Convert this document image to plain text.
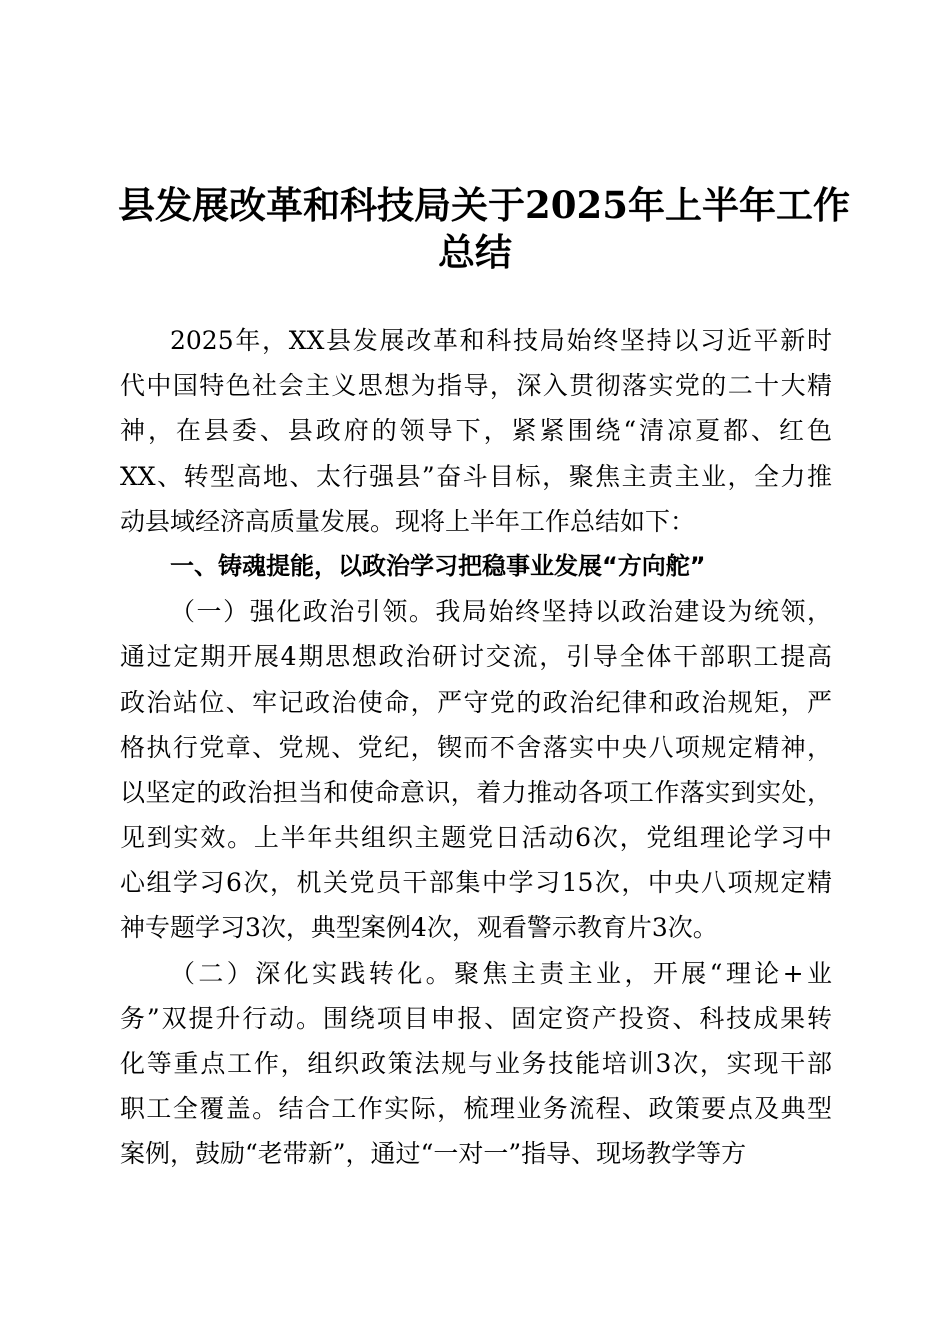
县发展改革和科技局关于2025年上半年工作
总结
2025年，XX县发展改革和科技局始终坚持以习近平新时
代中国特色社会主义思想为指导，深入贯彻落实党的二十大精
神，在县委、县政府的领导下，紧紧围绕“清凉夏都、红色
XX、转型高地、太行强县”奋斗目标，聚焦主责主业，全力推
动县域经济高质量发展。现将上半年工作总结如下：
一、铸魂提能，以政治学习把稳事业发展“方向舵”
（一）强化政治引领。我局始终坚持以政治建设为统领，
通过定期开展4期思想政治研讨交流，引导全体干部职工提高
政治站位、牢记政治使命，严守党的政治纪律和政治规矩，严
格执行党章、党规、党纪，锲而不舍落实中央八项规定精神，
以坚定的政治担当和使命意识，着力推动各项工作落实到实处，
见到实效。上半年共组织主题党日活动6次，党组理论学习中
心组学习6次，机关党员干部集中学习15次，中央八项规定精
神专题学习3次，典型案例4次，观看警示教育片3次。
（二）深化实践转化。聚焦主责主业，开展“理论+业
务”双提升行动。围绕项目申报、固定资产投资、科技成果转
化等重点工作，组织政策法规与业务技能培训3次，实现干部
职工全覆盖。结合工作实际，梳理业务流程、政策要点及典型
案例，鼓励“老带新”，通过“一对一”指导、现场教学等方
